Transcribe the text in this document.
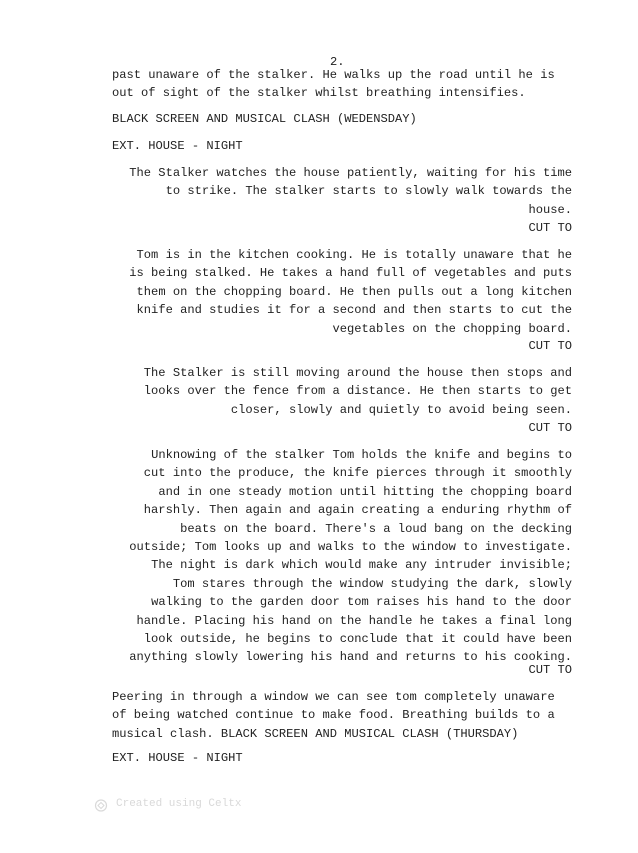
2.
past unaware of the stalker. He walks up the road until he is
out of sight of the stalker whilst breathing intensifies.
BLACK SCREEN AND MUSICAL CLASH (WEDENSDAY)
EXT. HOUSE - NIGHT
The Stalker watches the house patiently, waiting for his time
to strike. The stalker starts to slowly walk towards the
house.
CUT TO
Tom is in the kitchen cooking. He is totally unaware that he
is being stalked. He takes a hand full of vegetables and puts
them on the chopping board. He then pulls out a long kitchen
knife and studies it for a second and then starts to cut the
vegetables on the chopping board.
CUT TO
The Stalker is still moving around the house then stops and
looks over the fence from a distance. He then starts to get
closer, slowly and quietly to avoid being seen.
CUT TO
Unknowing of the stalker Tom holds the knife and begins to
cut into the produce, the knife pierces through it smoothly
and in one steady motion until hitting the chopping board
harshly. Then again and again creating a enduring rhythm of
beats on the board. There's a loud bang on the decking
outside; Tom looks up and walks to the window to investigate.
The night is dark which would make any intruder invisible;
Tom stares through the window studying the dark, slowly
walking to the garden door tom raises his hand to the door
handle. Placing his hand on the handle he takes a final long
look outside, he begins to conclude that it could have been
anything slowly lowering his hand and returns to his cooking.
CUT TO
Peering in through a window we can see tom completely unaware
of being watched continue to make food. Breathing builds to a
musical clash. BLACK SCREEN AND MUSICAL CLASH (THURSDAY)
EXT. HOUSE - NIGHT

Created using Celtx
